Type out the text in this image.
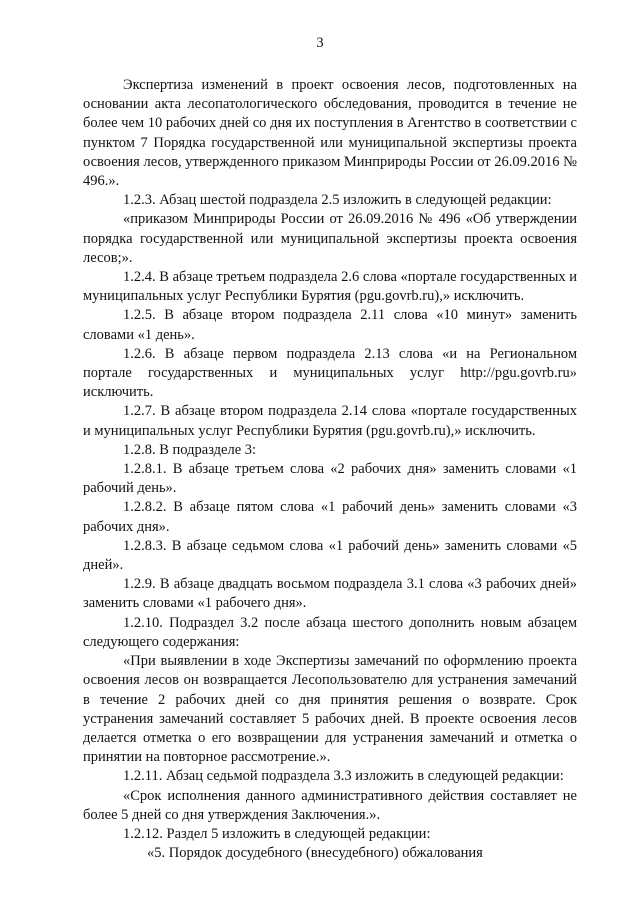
3

Экспертиза изменений в проект освоения лесов, подготовленных на основании акта лесопатологического обследования, проводится в течение не более чем 10 рабочих дней со дня их поступления в Агентство в соответствии с пунктом 7 Порядка государственной или муниципальной экспертизы проекта освоения лесов, утвержденного приказом Минприроды России от 26.09.2016 № 496.».

1.2.3. Абзац шестой подраздела 2.5 изложить в следующей редакции:

«приказом Минприроды России от 26.09.2016 № 496 «Об утверждении порядка государственной или муниципальной экспертизы проекта освоения лесов;».

1.2.4. В абзаце третьем подраздела 2.6 слова «портале государственных и муниципальных услуг Республики Бурятия (pgu.govrb.ru),» исключить.

1.2.5. В абзаце втором подраздела 2.11 слова «10 минут» заменить словами «1 день».

1.2.6. В абзаце первом подраздела 2.13 слова «и на Региональном портале государственных и муниципальных услуг http://pgu.govrb.ru» исключить.

1.2.7. В абзаце втором подраздела 2.14 слова «портале государственных и муниципальных услуг Республики Бурятия (pgu.govrb.ru),» исключить.

1.2.8. В подразделе 3:

1.2.8.1. В абзаце третьем слова «2 рабочих дня» заменить словами «1 рабочий день».

1.2.8.2. В абзаце пятом слова «1 рабочий день» заменить словами «3 рабочих дня».

1.2.8.3. В абзаце седьмом слова «1 рабочий день» заменить словами «5 дней».

1.2.9. В абзаце двадцать восьмом подраздела 3.1 слова «3 рабочих дней» заменить словами «1 рабочего дня».

1.2.10. Подраздел 3.2 после абзаца шестого дополнить новым абзацем следующего содержания:

«При выявлении в ходе Экспертизы замечаний по оформлению проекта освоения лесов он возвращается Лесопользователю для устранения замечаний в течение 2 рабочих дней со дня принятия решения о возврате. Срок устранения замечаний составляет 5 рабочих дней. В проекте освоения лесов делается отметка о его возвращении для устранения замечаний и отметка о принятии на повторное рассмотрение.».

1.2.11. Абзац седьмой подраздела 3.3 изложить в следующей редакции:

«Срок исполнения данного административного действия составляет не более 5 дней со дня утверждения Заключения.».

1.2.12. Раздел 5 изложить в следующей редакции:

«5. Порядок досудебного (внесудебного) обжалования
